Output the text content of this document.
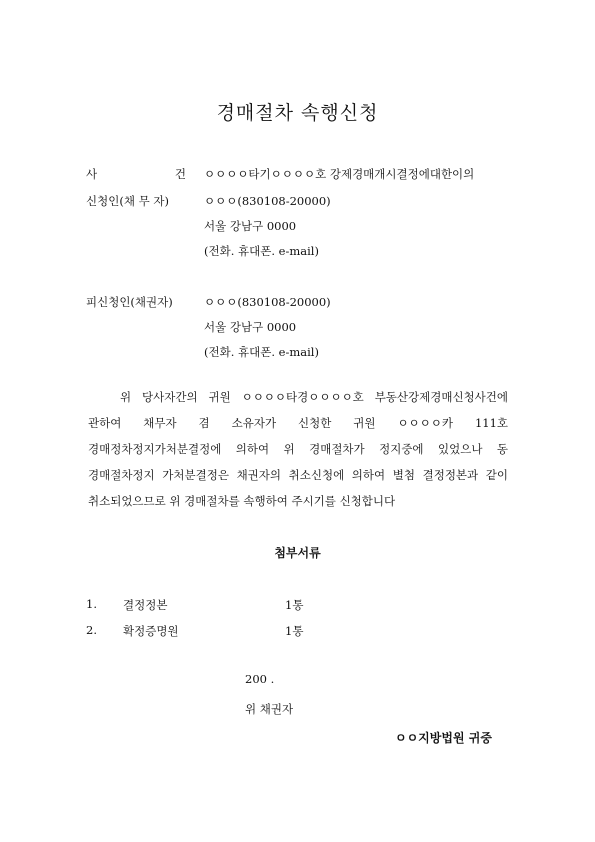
경매절차 속행신청
사	건 ㅇㅇㅇㅇ타기ㅇㅇㅇㅇ호 강제경매개시결정에대한이의
신청인(채 무 자)	ㅇㅇㅇ(830108-20000)
서울 강남구 0000
(전화. 휴대폰. e-mail)
피신청인(채권자)	ㅇㅇㅇ(830108-20000)
서울 강남구 0000
(전화. 휴대폰. e-mail)

위 당사자간의 귀원 ㅇㅇㅇㅇ타경ㅇㅇㅇㅇ호 부동산강제경매신청사건에 관하여 채무자 겸 소유자가 신청한 귀원 ㅇㅇㅇㅇ카 111호 경매정차정지가처분결정에 의하여 위 경매절차가 정지중에 있었으나 동 경매절차정지 가처분결정은 채권자의 취소신청에 의하여 별첨 결정정본과 같이 취소되었으므로 위 경매절차를 속행하여 주시기를 신청합니다

첨부서류
1. 결정정본	1통
2. 확정증명원	1통
200 .
위 채권자
ㅇㅇ지방법원 귀중
